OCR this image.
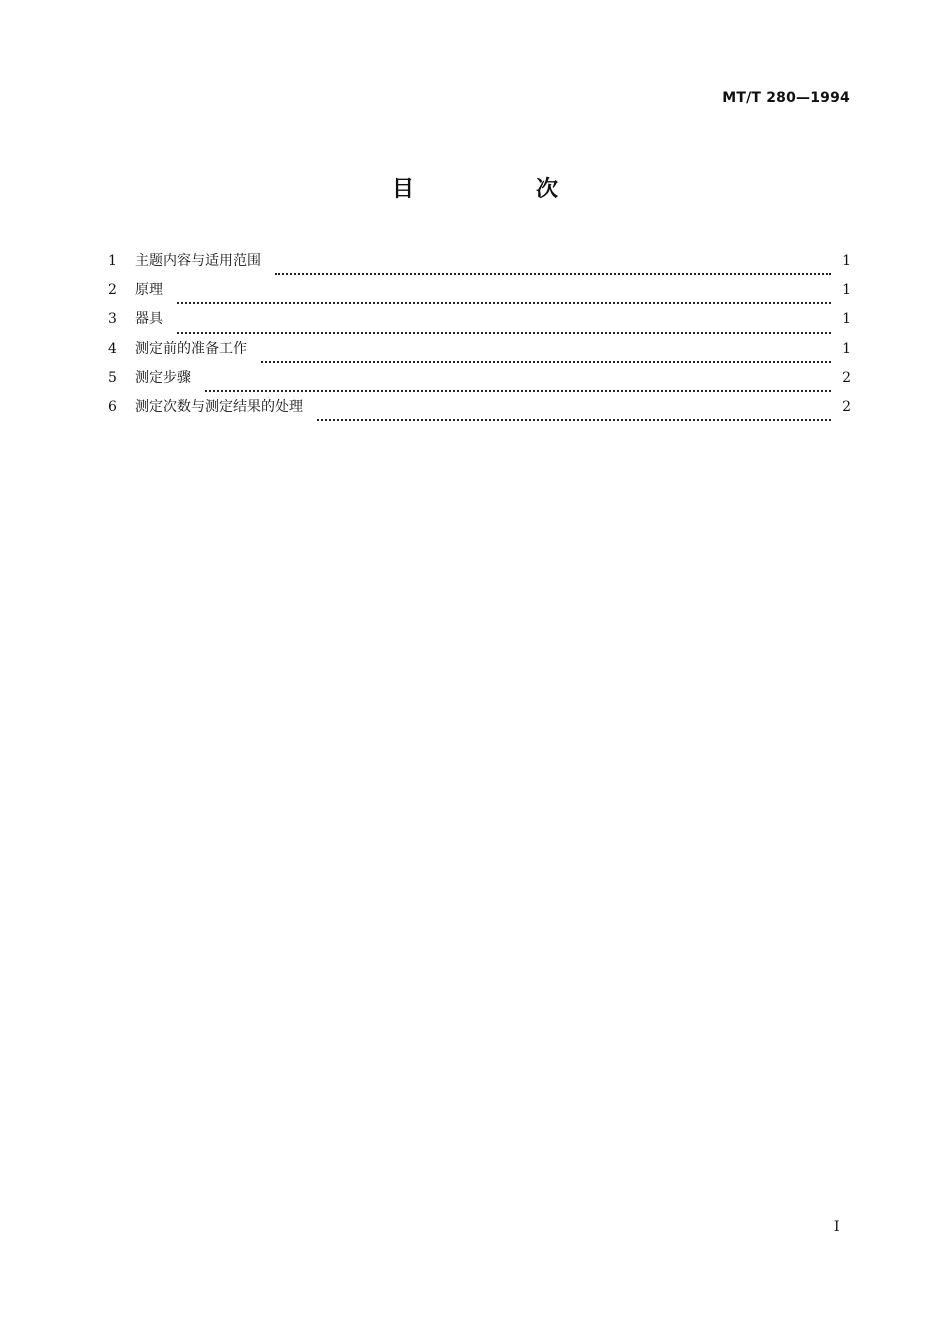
MT/T 280—1994
目　次
1	主题内容与适用范围	1
2	原理	1
3	器具	1
4	测定前的准备工作	1
5	测定步骤	2
6	测定次数与测定结果的处理	2
I
